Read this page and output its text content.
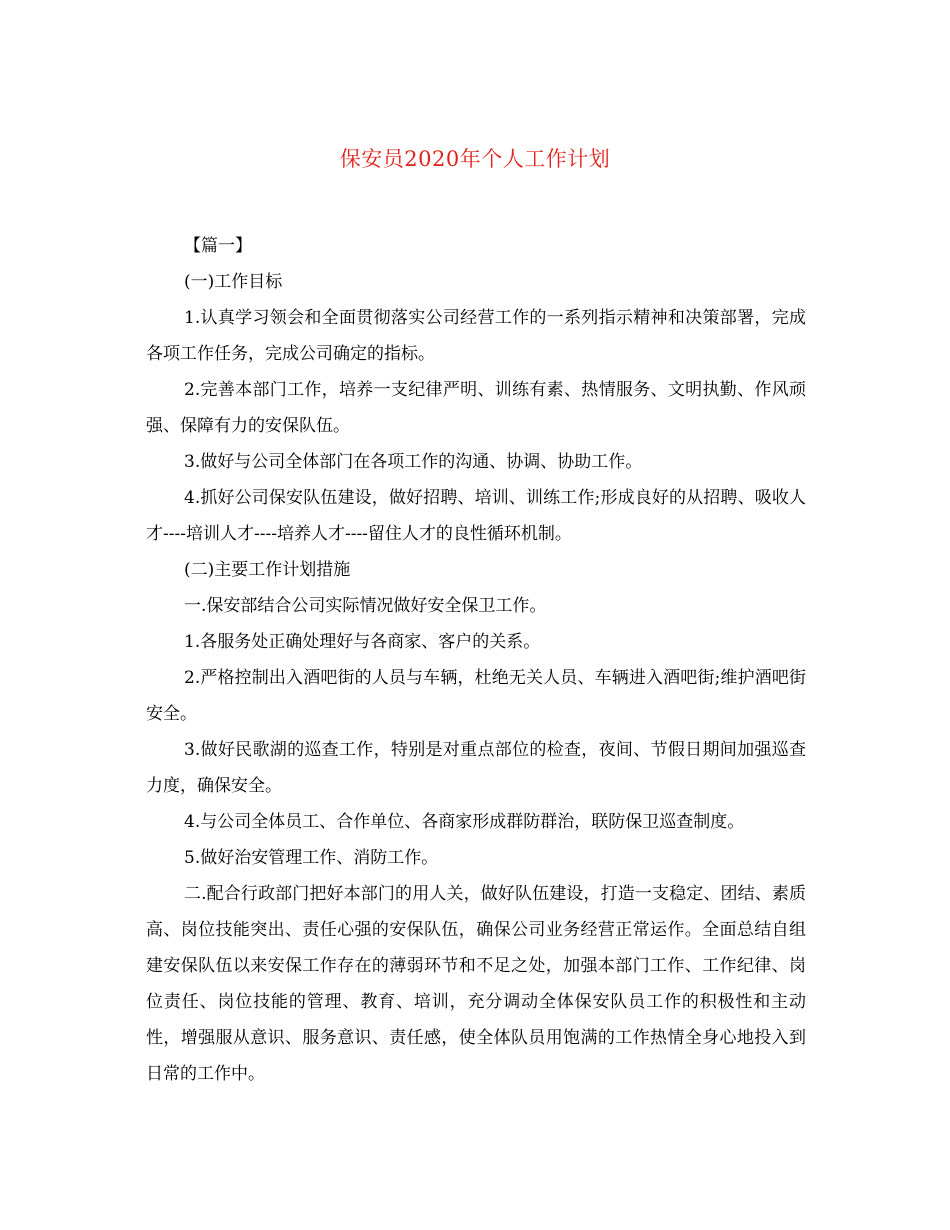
保安员2020年个人工作计划

【篇一】

(一)工作目标

1.认真学习领会和全面贯彻落实公司经营工作的一系列指示精神和决策部署，完成各项工作任务，完成公司确定的指标。

2.完善本部门工作，培养一支纪律严明、训练有素、热情服务、文明执勤、作风顽强、保障有力的安保队伍。

3.做好与公司全体部门在各项工作的沟通、协调、协助工作。

4.抓好公司保安队伍建设，做好招聘、培训、训练工作;形成良好的从招聘、吸收人才----培训人才----培养人才----留住人才的良性循环机制。

(二)主要工作计划措施

一.保安部结合公司实际情况做好安全保卫工作。

1.各服务处正确处理好与各商家、客户的关系。

2.严格控制出入酒吧街的人员与车辆，杜绝无关人员、车辆进入酒吧街;维护酒吧街安全。

3.做好民歌湖的巡查工作，特别是对重点部位的检查，夜间、节假日期间加强巡查力度，确保安全。

4.与公司全体员工、合作单位、各商家形成群防群治，联防保卫巡查制度。

5.做好治安管理工作、消防工作。

二.配合行政部门把好本部门的用人关，做好队伍建设，打造一支稳定、团结、素质高、岗位技能突出、责任心强的安保队伍，确保公司业务经营正常运作。全面总结自组建安保队伍以来安保工作存在的薄弱环节和不足之处，加强本部门工作、工作纪律、岗位责任、岗位技能的管理、教育、培训，充分调动全体保安队员工作的积极性和主动性，增强服从意识、服务意识、责任感，使全体队员用饱满的工作热情全身心地投入到日常的工作中。
